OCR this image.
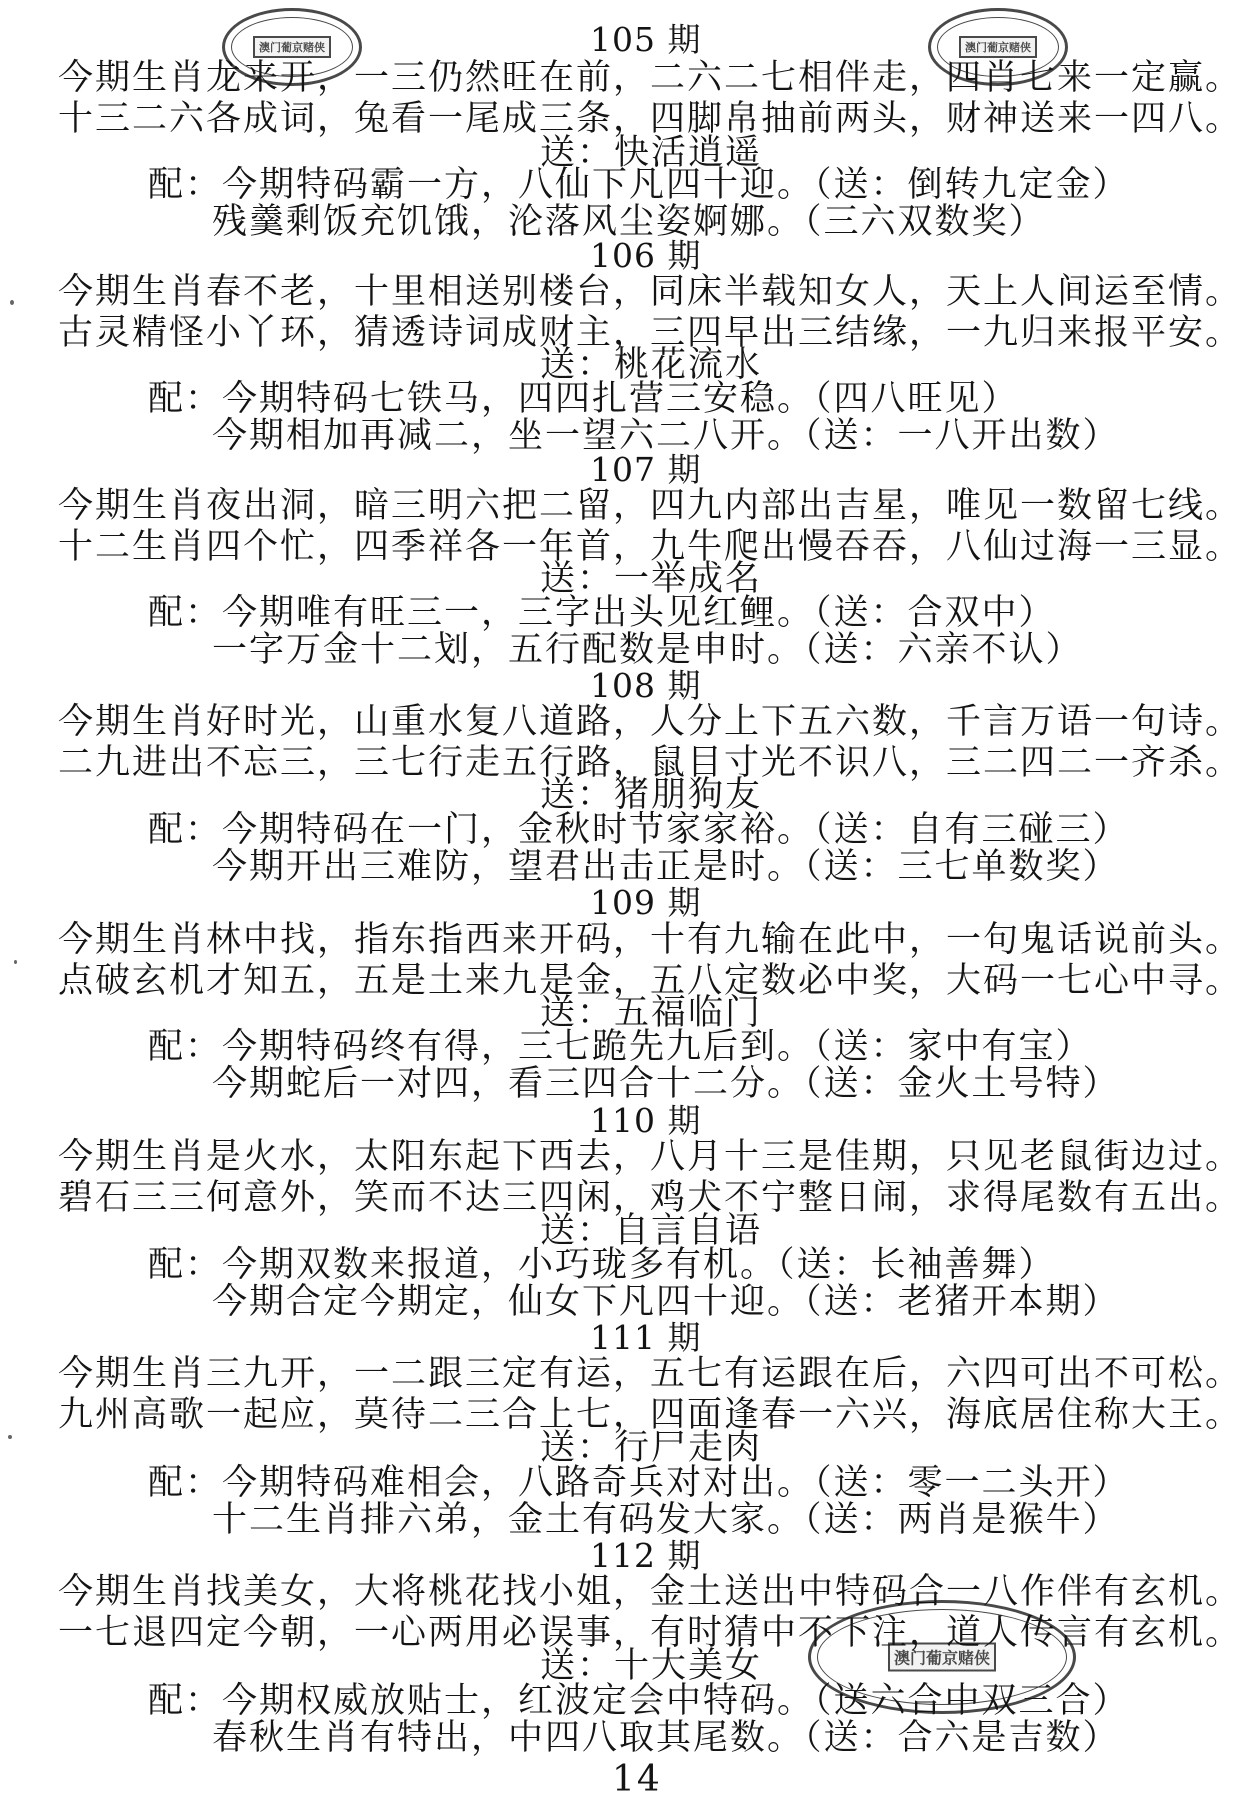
澳门葡京赌侠	澳门葡京赌侠
澳门葡京赌侠
105 期
今期生肖龙来开，一三仍然旺在前，二六二七相伴走，四肖七来一定赢。
十三二六各成词，兔看一尾成三条，四脚帛抽前两头，财神送来一四八。
送：快活逍遥
配：今期特码霸一方，八仙下凡四十迎。（送：倒转九定金）
残羹剩饭充饥饿，沦落风尘姿婀娜。（三六双数奖）
106 期
今期生肖春不老，十里相送别楼台，同床半载知女人，天上人间运至情。
古灵精怪小丫环，猜透诗词成财主，三四早出三结缘，一九归来报平安。
送：桃花流水
配：今期特码七铁马，四四扎营三安稳。（四八旺见）
今期相加再减二，坐一望六二八开。（送：一八开出数）
107 期
今期生肖夜出洞，暗三明六把二留，四九内部出吉星，唯见一数留七线。
十二生肖四个忙，四季祥各一年首，九牛爬出慢吞吞，八仙过海一三显。
送：一举成名
配：今期唯有旺三一，三字出头见红鲤。（送：合双中）
一字万金十二划，五行配数是申时。（送：六亲不认）
108 期
今期生肖好时光，山重水复八道路，人分上下五六数，千言万语一句诗。
二九进出不忘三，三七行走五行路，鼠目寸光不识八，三二四二一齐杀。
送：猪朋狗友
配：今期特码在一门，金秋时节家家裕。（送：自有三碰三）
今期开出三难防，望君出击正是时。（送：三七单数奖）
109 期
今期生肖林中找，指东指西来开码，十有九输在此中，一句鬼话说前头。
点破玄机才知五，五是土来九是金，五八定数必中奖，大码一七心中寻。
送：五福临门
配：今期特码终有得，三七跪先九后到。（送：家中有宝）
今期蛇后一对四，看三四合十二分。（送：金火土号特）
110 期
今期生肖是火水，太阳东起下西去，八月十三是佳期，只见老鼠街边过。
碧石三三何意外，笑而不达三四闲，鸡犬不宁整日闹，求得尾数有五出。
送：自言自语
配：今期双数来报道，小巧珑多有机。（送：长袖善舞）
今期合定今期定，仙女下凡四十迎。（送：老猪开本期）
111 期
今期生肖三九开，一二跟三定有运，五七有运跟在后，六四可出不可松。
九州高歌一起应，莫待二三合上七，四面逢春一六兴，海底居住称大王。
送：行尸走肉
配：今期特码难相会，八路奇兵对对出。（送：零一二头开）
十二生肖排六弟，金土有码发大家。（送：两肖是猴牛）
112 期
今期生肖找美女，大将桃花找小姐，金土送出中特码合一八作伴有玄机。
一七退四定今朝，一心两用必误事，有时猜中不下注，道人传言有玄机。
送：十大美女
配：今期权威放贴士，红波定会中特码。（送六合中双三合）
春秋生肖有特出，中四八取其尾数。（送：合六是吉数）
14
